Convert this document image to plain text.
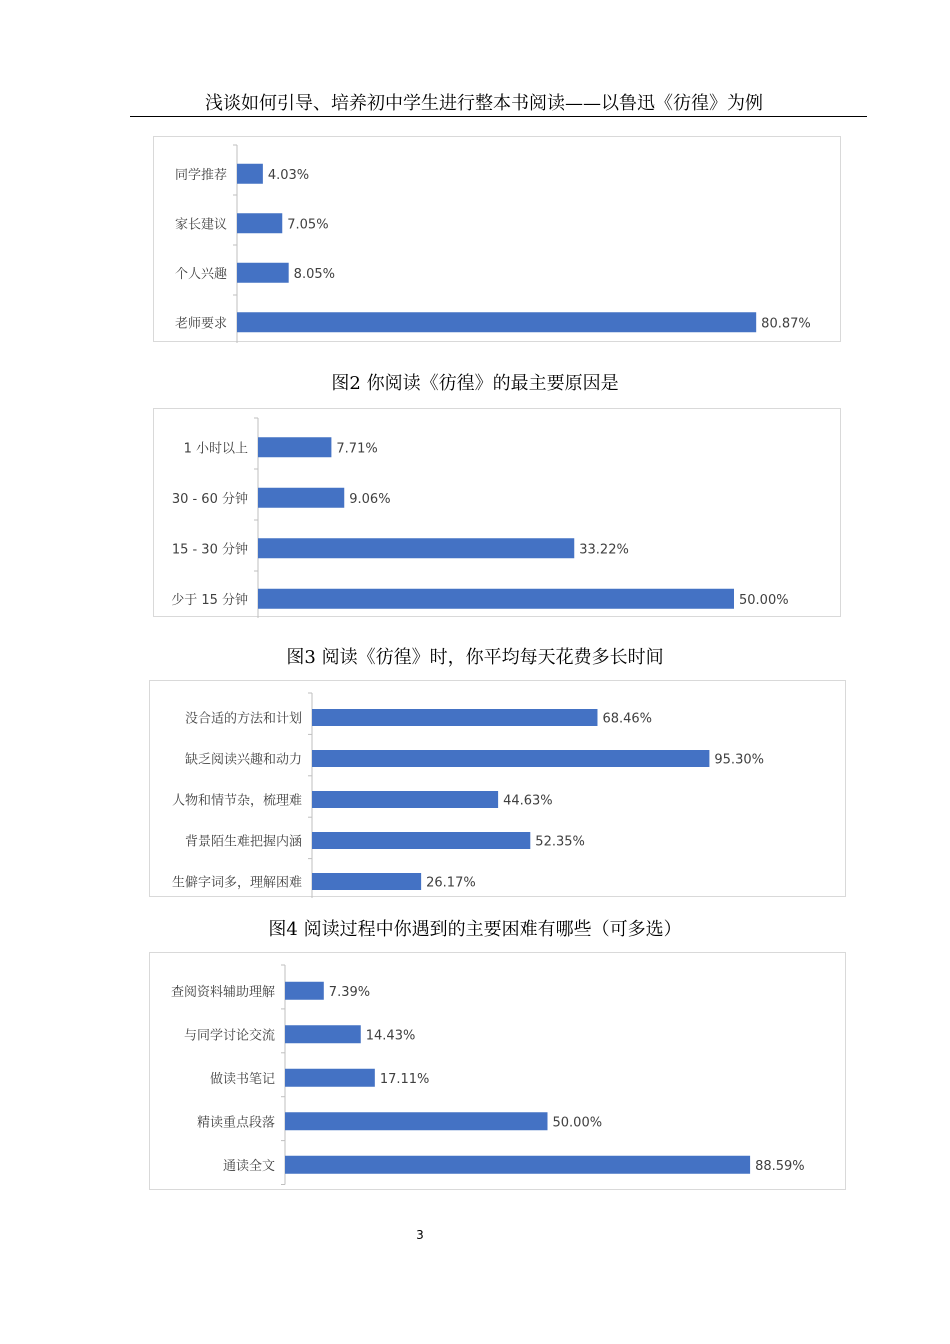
浅谈如何引导、培养初中学生进行整本书阅读——以鲁迅《彷徨》为例
同学推荐	4.03%
家长建议	7.05%
个人兴趣	8.05%
老师要求	80.87%
图2 你阅读《彷徨》的最主要原因是
1 小时以上	7.71%
30 - 60 分钟	9.06%
15 - 30 分钟	33.22%
少于 15 分钟	50.00%
图3 阅读《彷徨》时，你平均每天花费多长时间
没合适的方法和计划	68.46%
缺乏阅读兴趣和动力	95.30%
人物和情节杂，梳理难	44.63%
背景陌生难把握内涵	52.35%
生僻字词多，理解困难	26.17%
图4 阅读过程中你遇到的主要困难有哪些（可多选）
查阅资料辅助理解	7.39%
与同学讨论交流	14.43%
做读书笔记	17.11%
精读重点段落	50.00%
通读全文	88.59%
3
